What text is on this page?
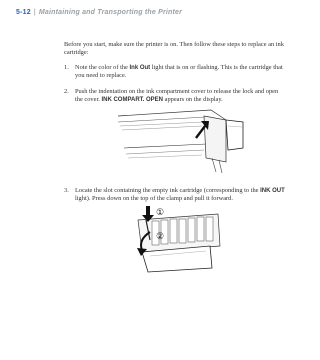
5-12 | Maintaining and Transporting the Printer
Before you start, make sure the printer is on. Then follow these steps to replace an ink cartridge:
1. Note the color of the Ink Out light that is on or flashing. This is the cartridge that you need to replace.
2. Push the indentation on the ink compartment cover to release the lock and open the cover. INK COMPART. OPEN appears on the display.
3. Locate the slot containing the empty ink cartridge (corresponding to the INK OUT light). Press down on the top of the clamp and pull it forward.
①
②
